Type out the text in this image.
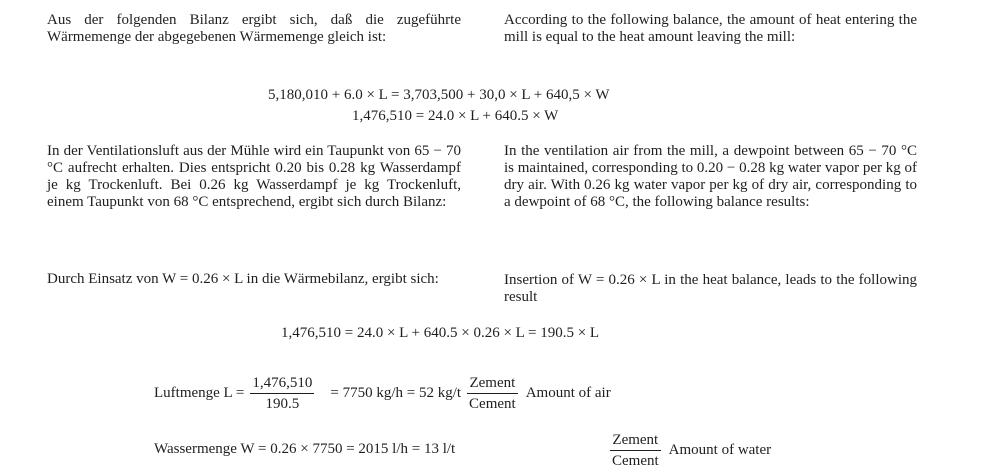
Aus der folgenden Bilanz ergibt sich, daß die zugeführte Wärmemenge der abgegebenen Wärmemenge gleich ist:

According to the following balance, the amount of heat entering the mill is equal to the heat amount leaving the mill:

5,180,010 + 6.0 × L = 3,703,500 + 30,0 × L + 640,5 × W
1,476,510 = 24.0 × L + 640.5 × W

In der Ventilationsluft aus der Mühle wird ein Taupunkt von 65 − 70 °C aufrecht erhalten. Dies entspricht 0.20 bis 0.28 kg Wasserdampf je kg Trockenluft. Bei 0.26 kg Wasserdampf je kg Trockenluft, einem Taupunkt von 68 °C entsprechend, ergibt sich durch Bilanz:

In the ventilation air from the mill, a dewpoint between 65 − 70 °C is maintained, corresponding to 0.20 − 0.28 kg water vapor per kg of dry air. With 0.26 kg water vapor per kg of dry air, corresponding to a dewpoint of 68 °C, the following balance results:

Durch Einsatz von W = 0.26 × L in die Wärmebilanz, ergibt sich:	Insertion of W = 0.26 × L in the heat balance, leads to the following result

1,476,510 = 24.0 × L + 640.5 × 0.26 × L = 190.5 × L
Luftmenge $L = \frac{1,476,510}{190.5} = 7750$ kg/h = 52 $kg/t \frac{\text{Zement}}{\text{Cement}}$ Amount of air
Wassermenge W = 0.26 × 7750 = 2015 l/h = 13 l/t	$\frac{\text{Zement}}{\text{Cement}}$ Amount of water
